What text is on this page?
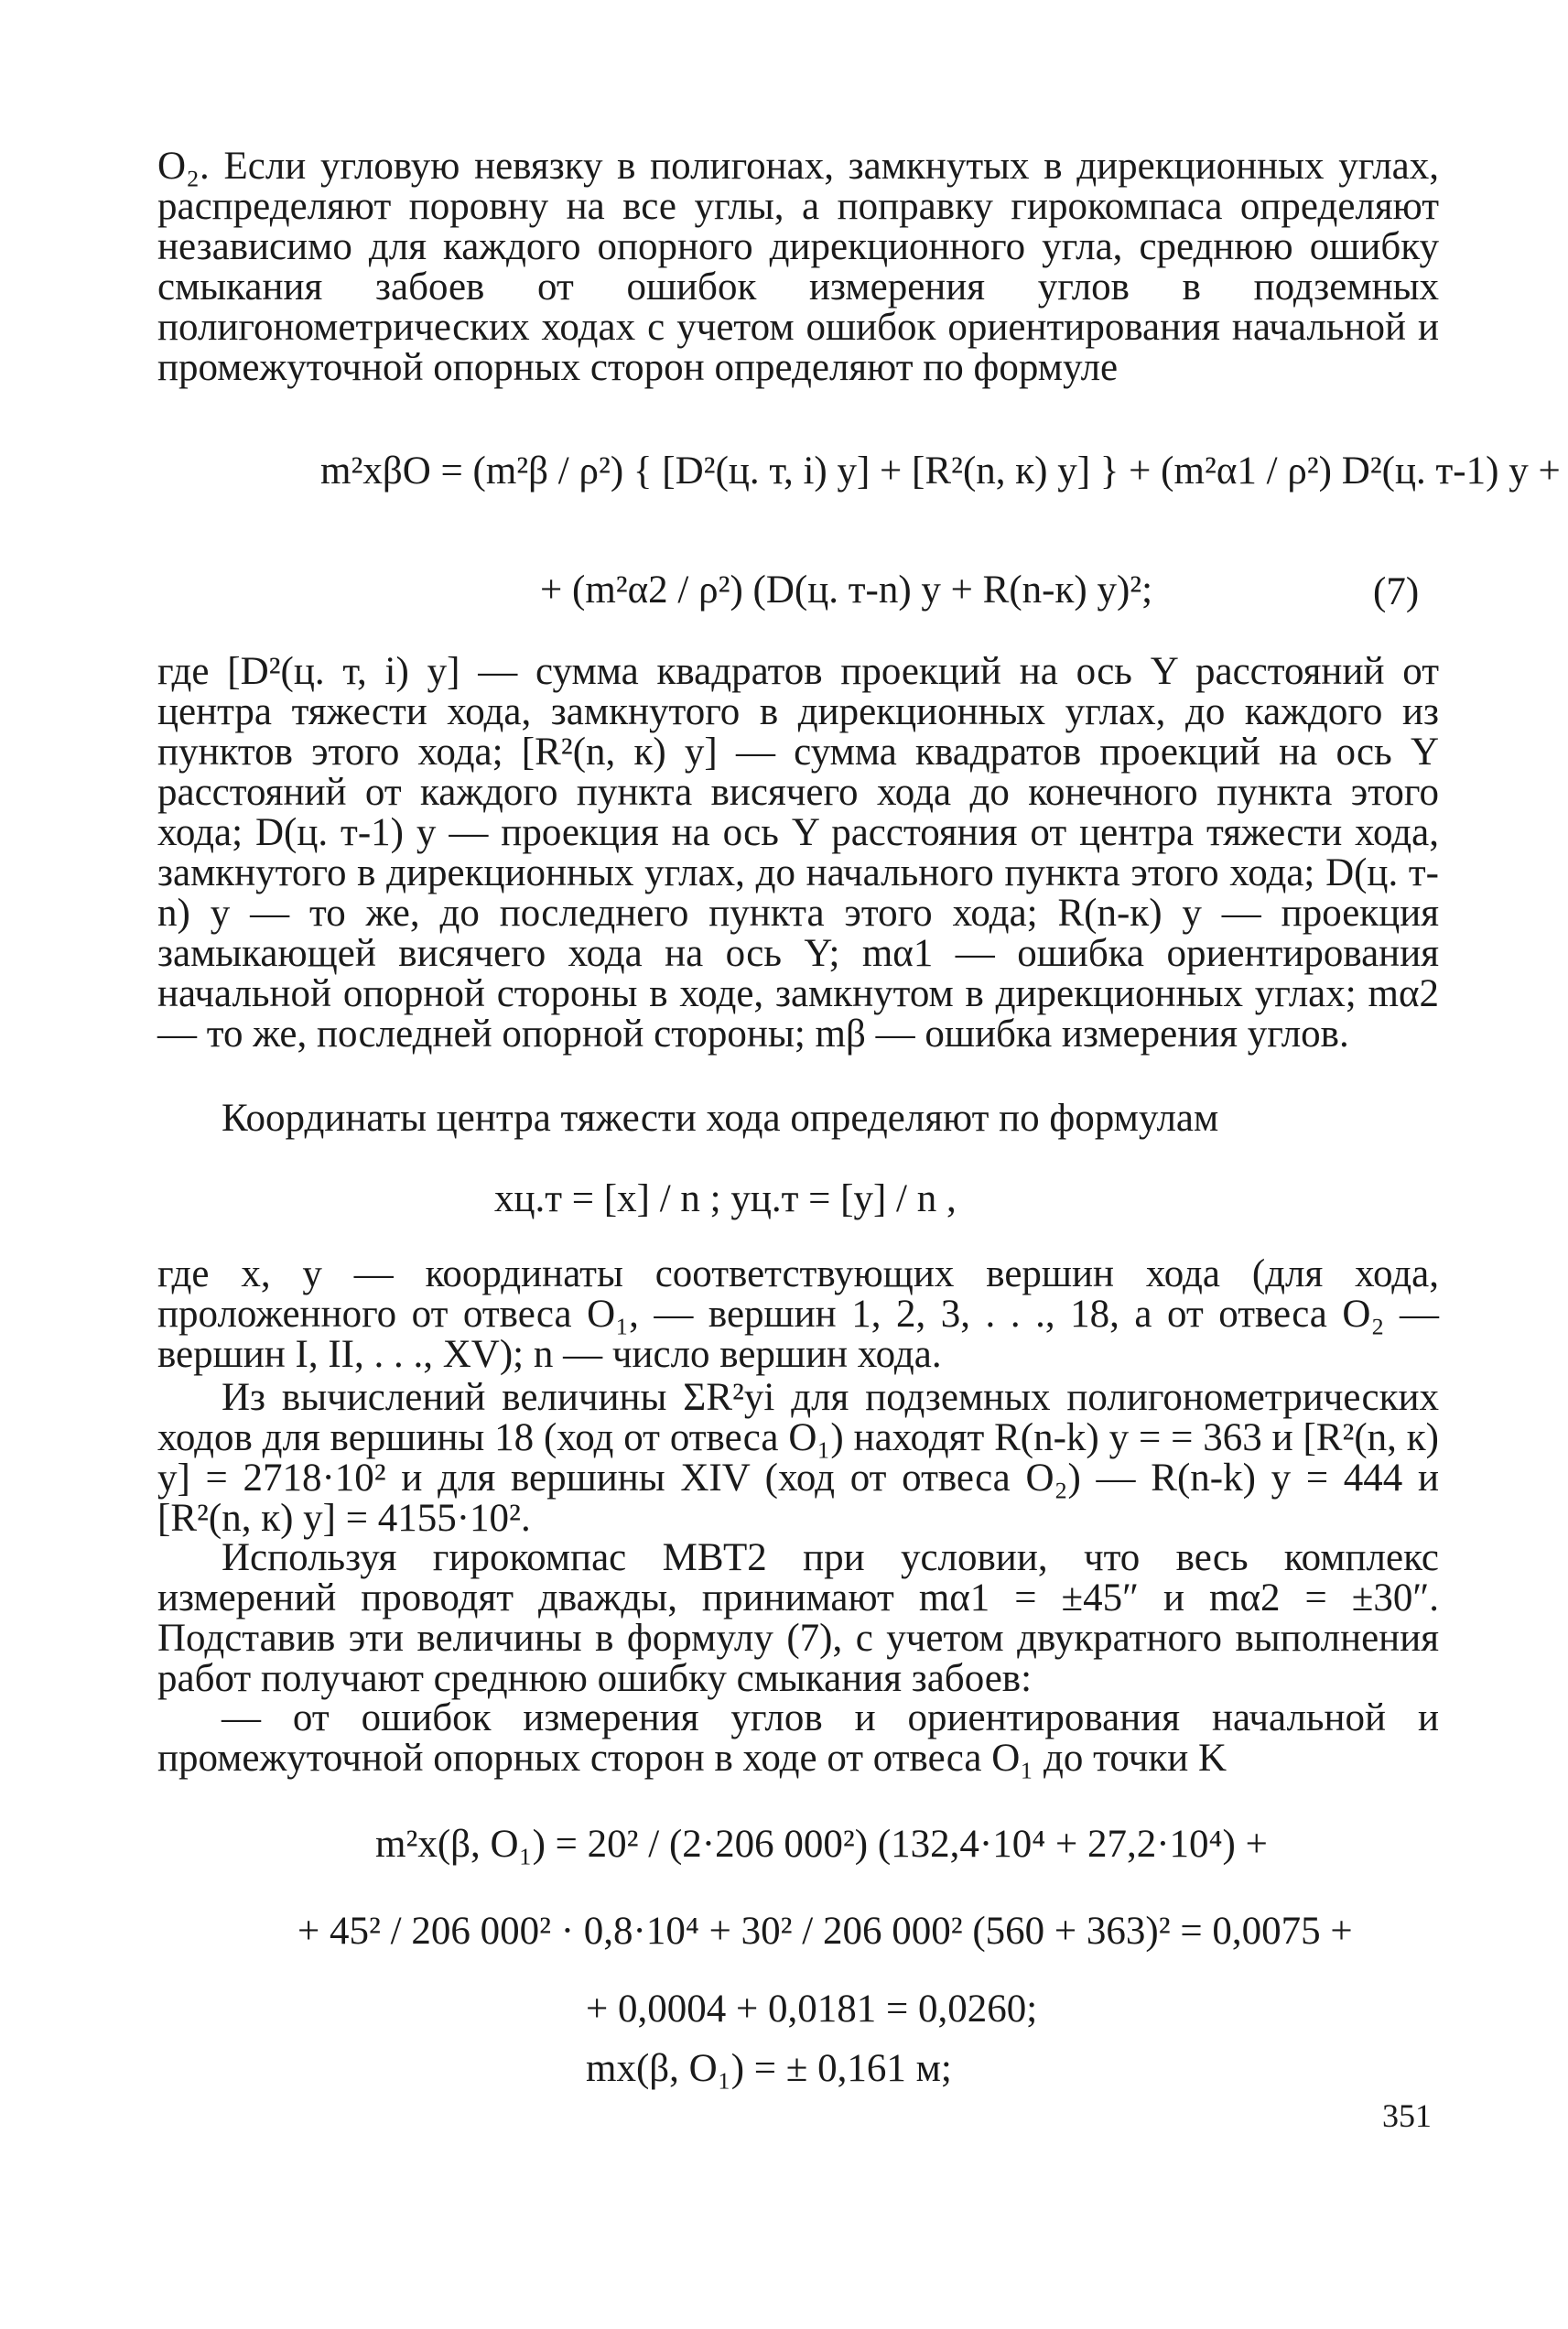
O₂. Если угловую невязку в полигонах, замкнутых в дирекционных углах, распределяют поровну на все углы, а поправку гирокомпаса определяют независимо для каждого опорного дирекционного угла, среднюю ошибку смыкания забоев от ошибок измерения углов в подземных полигонометрических ходах с учетом ошибок ориентирования начальной и промежуточной опорных сторон определяют по формуле

m²xβO = (m²β / ρ²) { [D²(ц. т, i) y] + [R²(n, к) y] } + (m²α1 / ρ²) D²(ц. т-1) y +
+ (m²α2 / ρ²) (D(ц. т-n) y + R(n-к) y)²;	(7)

где [D²(ц. т, i) y] — сумма квадратов проекций на ось Y расстояний от центра тяжести хода, замкнутого в дирекционных углах, до каждого из пунктов этого хода; [R²(n, к) y] — сумма квадратов проекций на ось Y расстояний от каждого пункта висячего хода до конечного пункта этого хода; D(ц. т-1) y — проекция на ось Y расстояния от центра тяжести хода, замкнутого в дирекционных углах, до начального пункта этого хода; D(ц. т-n) y — то же, до последнего пункта этого хода; R(n-к) y — проекция замыкающей висячего хода на ось Y; mα1 — ошибка ориентирования начальной опорной стороны в ходе, замкнутом в дирекционных углах; mα2 — то же, последней опорной стороны; mβ — ошибка измерения углов.

Координаты центра тяжести хода определяют по формулам

xц.т = [x] / n ; yц.т = [y] / n ,

где x, y — координаты соответствующих вершин хода (для хода, проложенного от отвеса O₁, — вершин 1, 2, 3, . . ., 18, а от отвеса O₂ — вершин I, II, . . ., XV); n — число вершин хода.

Из вычислений величины ΣR²yi для подземных полигонометрических ходов для вершины 18 (ход от отвеса O₁) находят R(n-k) y = = 363 и [R²(n, к) y] = 2718·10² и для вершины XIV (ход от отвеса O₂) — R(n-k) y = 444 и [R²(n, к) y] = 4155·10².

Используя гирокомпас МВТ2 при условии, что весь комплекс измерений проводят дважды, принимают mα1 = ±45″ и mα2 = ±30″. Подставив эти величины в формулу (7), с учетом двукратного выполнения работ получают среднюю ошибку смыкания забоев:

— от ошибок измерения углов и ориентирования начальной и промежуточной опорных сторон в ходе от отвеса O₁ до точки K

m²x(β, O₁) = 20² / (2·206 000²) (132,4·10⁴ + 27,2·10⁴) +
+ 45² / 206 000² · 0,8·10⁴ + 30² / 206 000² (560 + 363)² = 0,0075 +
+ 0,0004 + 0,0181 = 0,0260;
mx(β, O₁) = ± 0,161 м;
351
